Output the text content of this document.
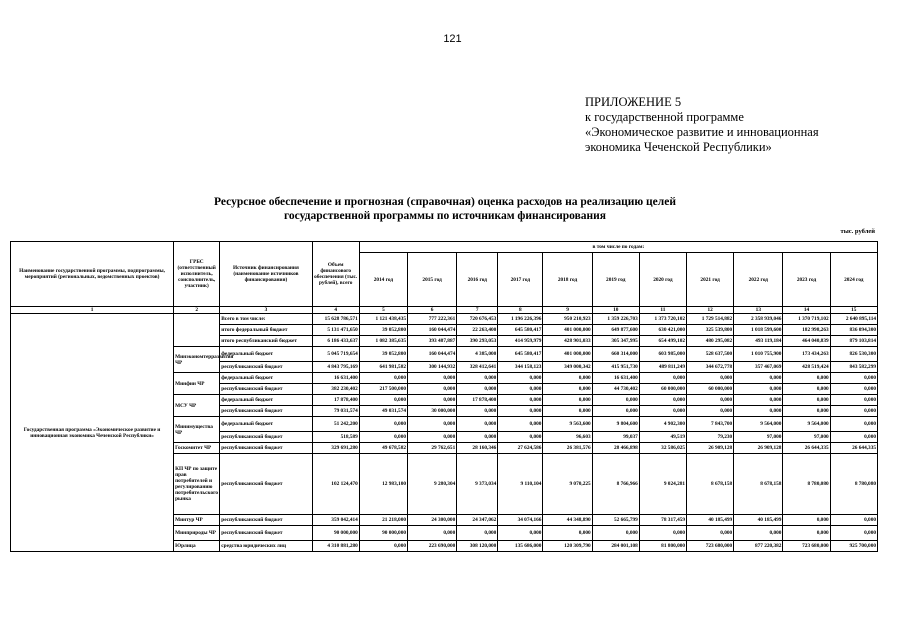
121
ПРИЛОЖЕНИЕ 5
к государственной программе
«Экономическое развитие и инновационная
экономика Чеченской Республики»
Ресурсное обеспечение и прогнозная (справочная) оценка расходов на реализацию целей
государственной программы по источникам финансирования
тыс. рублей
Наименование государственной программы, подпрограммы, мероприятий (региональных, ведомственных проектов)	ГРБС (ответственный исполнитель, соисполнитель, участник)	Источник финансирования (наименование источников финансирования)	Объем финансового обеспечения (тыс. рублей), всего	в том числе по годам:										
				2014 год	2015 год	2016 год	2017 год	2018 год	2019 год	2020 год	2021 год	2022 год	2023 год	2024 год
1	2	3	4	5	6	7	8	9	10	11	12	13	14	15
Государственная программа «Экономическое развитие и инновационная экономика Чеченской Республики»		Всего в том числе:	15 628 786,571	1 121 438,435	777 222,361	720 676,453	1 196 226,396	950 210,923	1 359 226,703	1 373 720,102	1 729 514,882	2 358 939,046	1 370 719,102	2 640 895,114
		итого федеральный бюджет	5 131 471,650	39 052,800	160 044,474	22 263,400	645 580,417	401 000,000	649 877,600	630 421,000	325 539,800	1 018 599,600	182 998,263	836 094,300
		итого республиканский бюджет	6 186 433,637	1 082 385,635	393 487,887	390 293,053	414 959,979	428 901,033	305 347,995	654 499,102	480 295,082	493 119,184	464 040,839	879 103,814
	Минэкономтерразвития ЧР	федеральный бюджет	5 045 719,654	39 052,800	160 044,474	4 385,000	645 580,417	401 000,000	660 314,000	603 985,000	528 637,500	1 010 755,900	173 434,263	826 530,300
		республиканский бюджет	4 843 795,169	641 981,582	300 144,932	328 412,641	344 158,123	349 000,342	415 951,730	489 811,249	344 672,778	357 467,069	428 519,424	843 582,299
	Минфин ЧР	федеральный бюджет	16 631,400	0,000	0,000	0,000	0,000	0,000	16 631,400	0,000	0,000	0,000	0,000	0,000
		республиканский бюджет	382 230,402	217 500,000	0,000	0,000	0,000	0,000	44 730,402	60 000,000	60 000,000	0,000	0,000	0,000
	МСУ ЧР	федеральный бюджет	17 878,400	0,000	0,000	17 878,400	0,000	0,000	0,000	0,000	0,000	0,000	0,000	0,000
		республиканский бюджет	79 031,574	49 031,574	30 000,000	0,000	0,000	0,000	0,000	0,000	0,000	0,000	0,000	0,000
	Минимущества ЧР	федеральный бюджет	51 242,200	0,000	0,000	0,000	0,000	9 563,600	9 804,600	4 902,300	7 843,700	9 564,000	9 564,000	0,000
		республиканский бюджет	518,589	0,000	0,000	0,000	0,000	96,603	99,037	49,519	79,230	97,000	97,000	0,000
	Госкомитет ЧР	республиканский бюджет	329 691,280	49 678,582	29 762,651	28 160,346	27 624,586	26 381,576	28 466,898	32 586,025	26 909,128	26 909,128	26 644,335	26 644,335
	КП ЧР по защите прав потребителей и регулированию потребительского рынка	республиканский бюджет	102 124,470	12 983,100	9 280,304	9 373,034	9 110,104	9 070,225	8 766,966	9 024,281	8 678,158	8 678,158	8 780,080	8 780,080
	Минтур ЧР	республиканский бюджет	359 042,414	21 218,000	24 300,000	24 347,062	34 074,166	44 348,890	52 665,799	78 317,459	40 185,499	40 185,499	0,000	0,000
	Минприроды ЧР	республиканский бюджет	90 000,000	90 000,000	0,000	0,000	0,000	0,000	0,000	0,000	0,000	0,000	0,000	0,000
	Юрлица	средства юридических лиц	4 310 881,280	0,000	223 690,000	308 120,000	135 686,000	120 309,790	284 001,108	81 800,000	723 680,000	877 220,382	723 680,000	925 700,000
